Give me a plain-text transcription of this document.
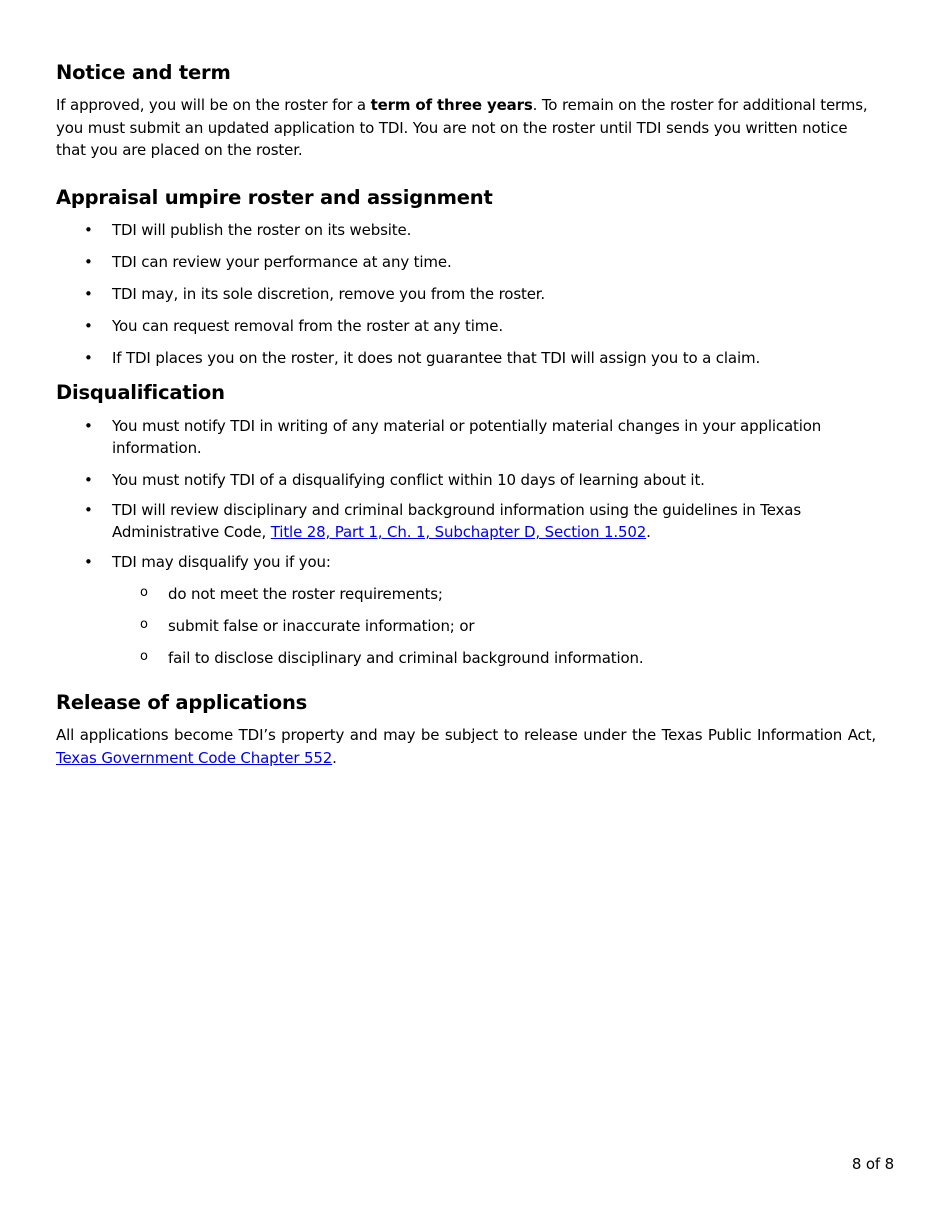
Notice and term

If approved, you will be on the roster for a term of three years. To remain on the roster for additional terms, you must submit an updated application to TDI. You are not on the roster until TDI sends you written notice that you are placed on the roster.

Appraisal umpire roster and assignment
• TDI will publish the roster on its website.
• TDI can review your performance at any time.
• TDI may, in its sole discretion, remove you from the roster.
• You can request removal from the roster at any time.
• If TDI places you on the roster, it does not guarantee that TDI will assign you to a claim.
Disqualification
• You must notify TDI in writing of any material or potentially material changes in your application information.
• You must notify TDI of a disqualifying conflict within 10 days of learning about it.
• TDI will review disciplinary and criminal background information using the guidelines in Texas Administrative Code, Title 28, Part 1, Ch. 1, Subchapter D, Section 1.502.
• TDI may disqualify you if you:
o do not meet the roster requirements;
o submit false or inaccurate information; or
o fail to disclose disciplinary and criminal background information.
Release of applications

All applications become TDI’s property and may be subject to release under the Texas Public Information Act, Texas Government Code Chapter 552.

8 of 8
